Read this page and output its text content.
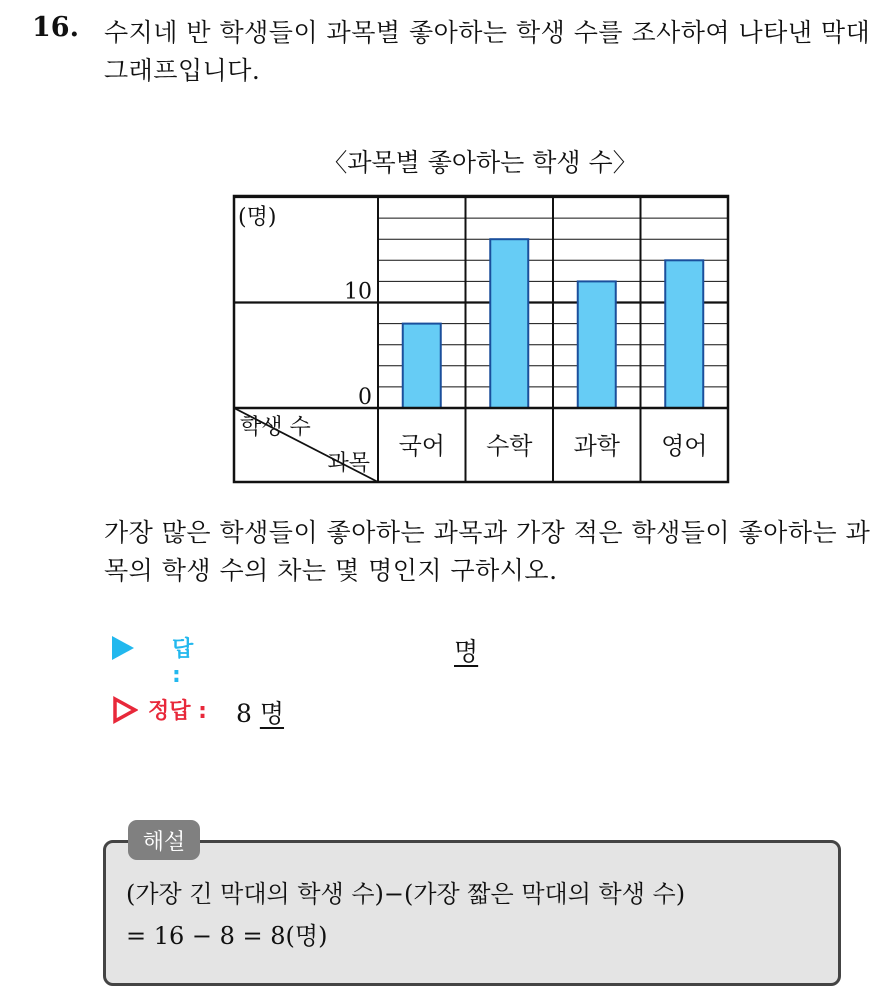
16. 수지네 반 학생들이 과목별 좋아하는 학생 수를 조사하여 나타낸 막대그래프입니다.
〈과목별 좋아하는 학생 수〉
(명)
0
10
학생 수
과목
국어 수학 과학 영어
가장 많은 학생들이 좋아하는 과목과 가장 적은 학생들이 좋아하는 과목의 학생 수의 차는 몇 명인지 구하시오.
답 :
명
정답 : 8 명
해설
(가장 긴 막대의 학생 수)−(가장 짧은 막대의 학생 수)
= 16 − 8 = 8(명)
